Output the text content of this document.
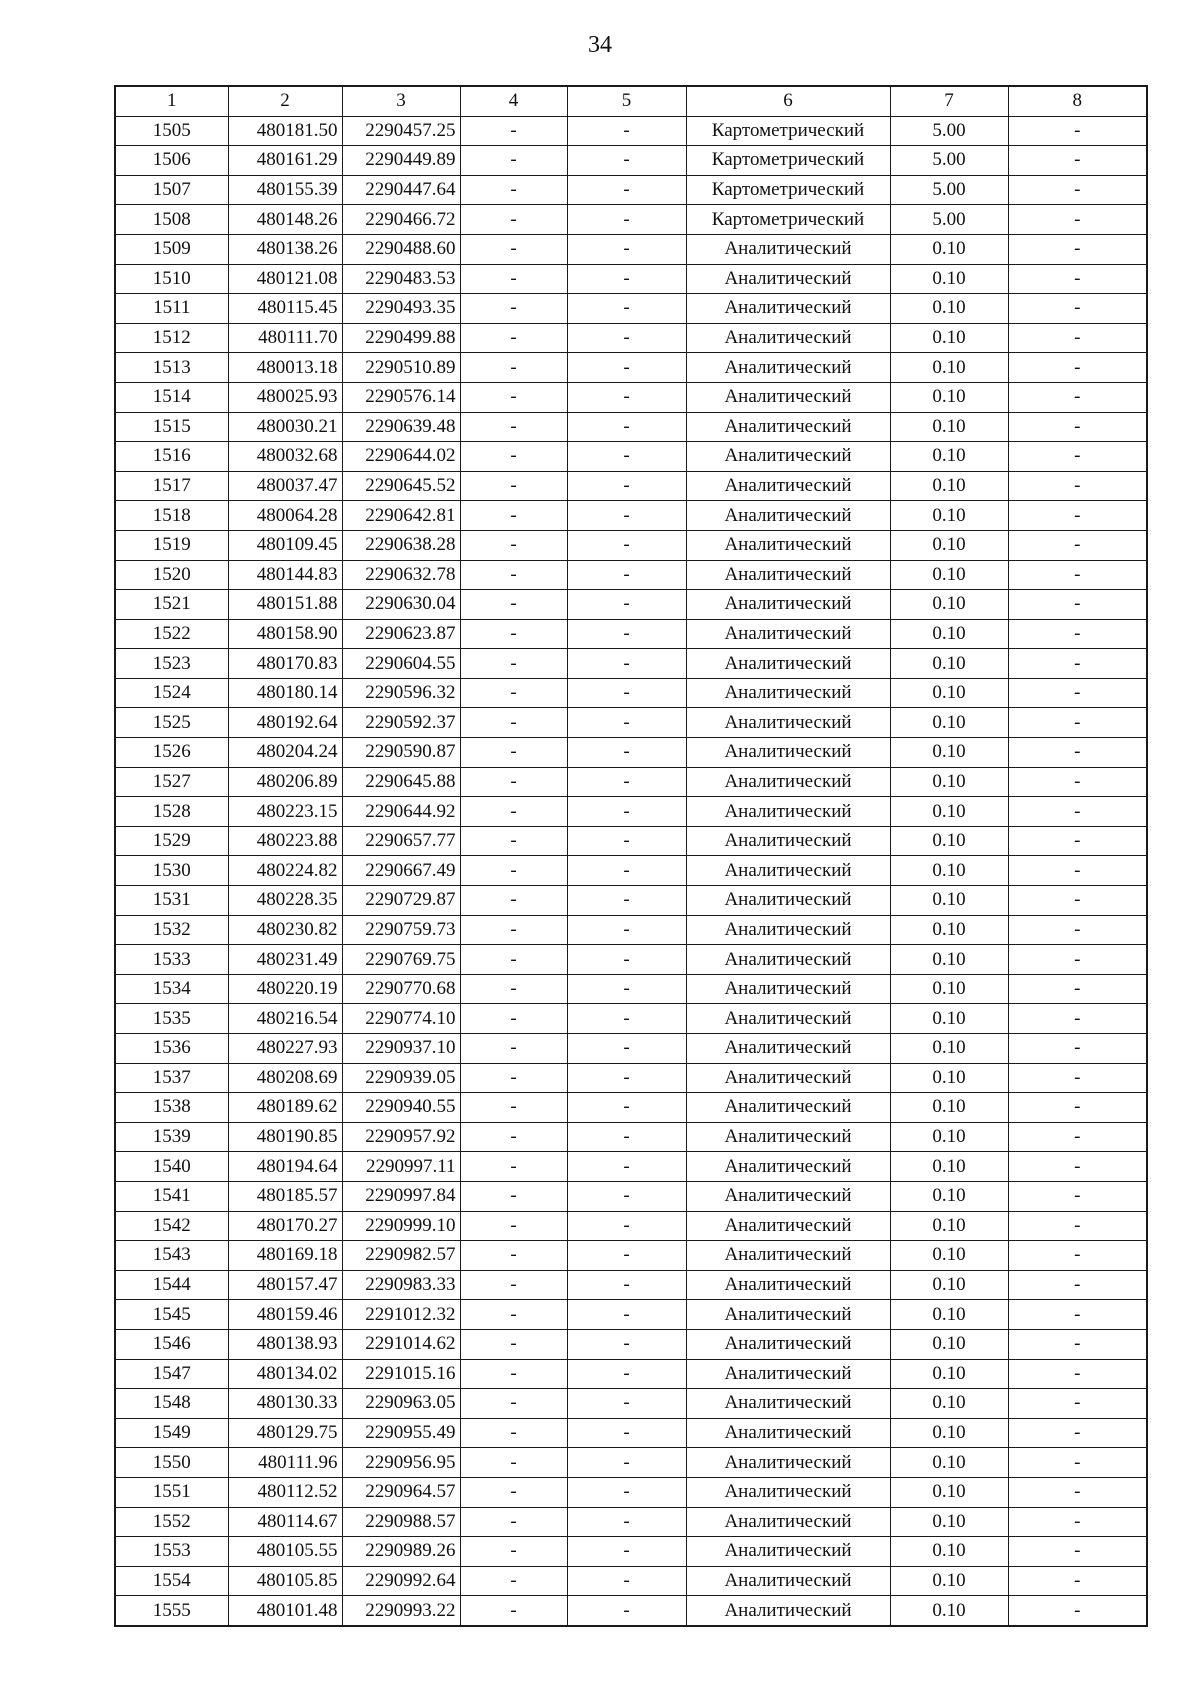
34
1	2	3	4	5	6	7	8
1505	480181.50	2290457.25	-	-	Картометрический	5.00	-
1506	480161.29	2290449.89	-	-	Картометрический	5.00	-
1507	480155.39	2290447.64	-	-	Картометрический	5.00	-
1508	480148.26	2290466.72	-	-	Картометрический	5.00	-
1509	480138.26	2290488.60	-	-	Аналитический	0.10	-
1510	480121.08	2290483.53	-	-	Аналитический	0.10	-
1511	480115.45	2290493.35	-	-	Аналитический	0.10	-
1512	480111.70	2290499.88	-	-	Аналитический	0.10	-
1513	480013.18	2290510.89	-	-	Аналитический	0.10	-
1514	480025.93	2290576.14	-	-	Аналитический	0.10	-
1515	480030.21	2290639.48	-	-	Аналитический	0.10	-
1516	480032.68	2290644.02	-	-	Аналитический	0.10	-
1517	480037.47	2290645.52	-	-	Аналитический	0.10	-
1518	480064.28	2290642.81	-	-	Аналитический	0.10	-
1519	480109.45	2290638.28	-	-	Аналитический	0.10	-
1520	480144.83	2290632.78	-	-	Аналитический	0.10	-
1521	480151.88	2290630.04	-	-	Аналитический	0.10	-
1522	480158.90	2290623.87	-	-	Аналитический	0.10	-
1523	480170.83	2290604.55	-	-	Аналитический	0.10	-
1524	480180.14	2290596.32	-	-	Аналитический	0.10	-
1525	480192.64	2290592.37	-	-	Аналитический	0.10	-
1526	480204.24	2290590.87	-	-	Аналитический	0.10	-
1527	480206.89	2290645.88	-	-	Аналитический	0.10	-
1528	480223.15	2290644.92	-	-	Аналитический	0.10	-
1529	480223.88	2290657.77	-	-	Аналитический	0.10	-
1530	480224.82	2290667.49	-	-	Аналитический	0.10	-
1531	480228.35	2290729.87	-	-	Аналитический	0.10	-
1532	480230.82	2290759.73	-	-	Аналитический	0.10	-
1533	480231.49	2290769.75	-	-	Аналитический	0.10	-
1534	480220.19	2290770.68	-	-	Аналитический	0.10	-
1535	480216.54	2290774.10	-	-	Аналитический	0.10	-
1536	480227.93	2290937.10	-	-	Аналитический	0.10	-
1537	480208.69	2290939.05	-	-	Аналитический	0.10	-
1538	480189.62	2290940.55	-	-	Аналитический	0.10	-
1539	480190.85	2290957.92	-	-	Аналитический	0.10	-
1540	480194.64	2290997.11	-	-	Аналитический	0.10	-
1541	480185.57	2290997.84	-	-	Аналитический	0.10	-
1542	480170.27	2290999.10	-	-	Аналитический	0.10	-
1543	480169.18	2290982.57	-	-	Аналитический	0.10	-
1544	480157.47	2290983.33	-	-	Аналитический	0.10	-
1545	480159.46	2291012.32	-	-	Аналитический	0.10	-
1546	480138.93	2291014.62	-	-	Аналитический	0.10	-
1547	480134.02	2291015.16	-	-	Аналитический	0.10	-
1548	480130.33	2290963.05	-	-	Аналитический	0.10	-
1549	480129.75	2290955.49	-	-	Аналитический	0.10	-
1550	480111.96	2290956.95	-	-	Аналитический	0.10	-
1551	480112.52	2290964.57	-	-	Аналитический	0.10	-
1552	480114.67	2290988.57	-	-	Аналитический	0.10	-
1553	480105.55	2290989.26	-	-	Аналитический	0.10	-
1554	480105.85	2290992.64	-	-	Аналитический	0.10	-
1555	480101.48	2290993.22	-	-	Аналитический	0.10	-
